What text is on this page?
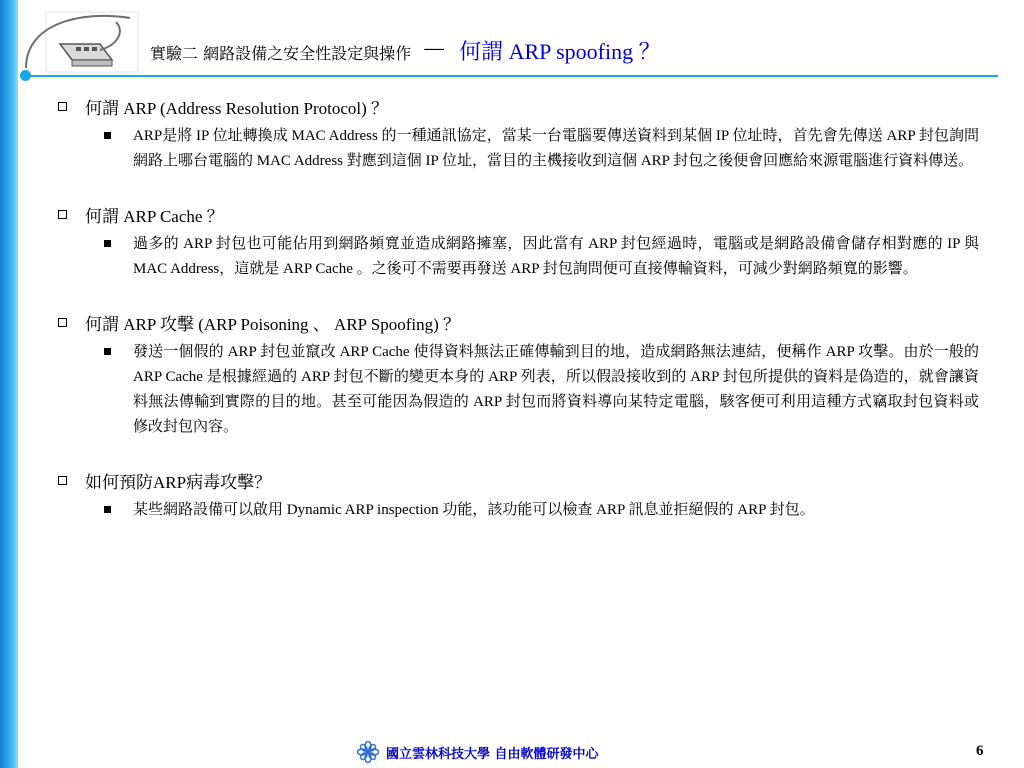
實驗二 網路設備之安全性設定與操作 － 何謂 ARP spoofing ？
何謂 ARP (Address Resolution Protocol) ？
ARP是將 IP 位址轉換成 MAC Address 的一種通訊協定，當某一台電腦要傳送資料到某個 IP 位址時，首先會先傳送 ARP 封包詢問網路上哪台電腦的 MAC Address 對應到這個 IP 位址，當目的主機接收到這個 ARP 封包之後便會回應給來源電腦進行資料傳送。
何謂 ARP Cache ？
過多的 ARP 封包也可能佔用到網路頻寬並造成網路擁塞，因此當有 ARP 封包經過時，電腦或是網路設備會儲存相對應的 IP 與 MAC Address，這就是 ARP Cache 。之後可不需要再發送 ARP 封包詢問便可直接傳輸資料，可減少對網路頻寬的影響。
何謂 ARP 攻擊 (ARP Poisoning 、 ARP Spoofing) ？
發送一個假的 ARP 封包並竄改 ARP Cache 使得資料無法正確傳輸到目的地，造成網路無法連結，便稱作 ARP 攻擊。由於一般的 ARP Cache 是根據經過的 ARP 封包不斷的變更本身的 ARP 列表，所以假設接收到的 ARP 封包所提供的資料是偽造的，就會讓資料無法傳輸到實際的目的地。甚至可能因為假造的 ARP 封包而將資料導向某特定電腦，駭客便可利用這種方式竊取封包資料或修改封包內容。
如何預防ARP病毒攻擊？
某些網路設備可以啟用 Dynamic ARP inspection 功能，該功能可以檢查 ARP 訊息並拒絕假的 ARP 封包。
國立雲林科技大學 自由軟體研發中心	6
